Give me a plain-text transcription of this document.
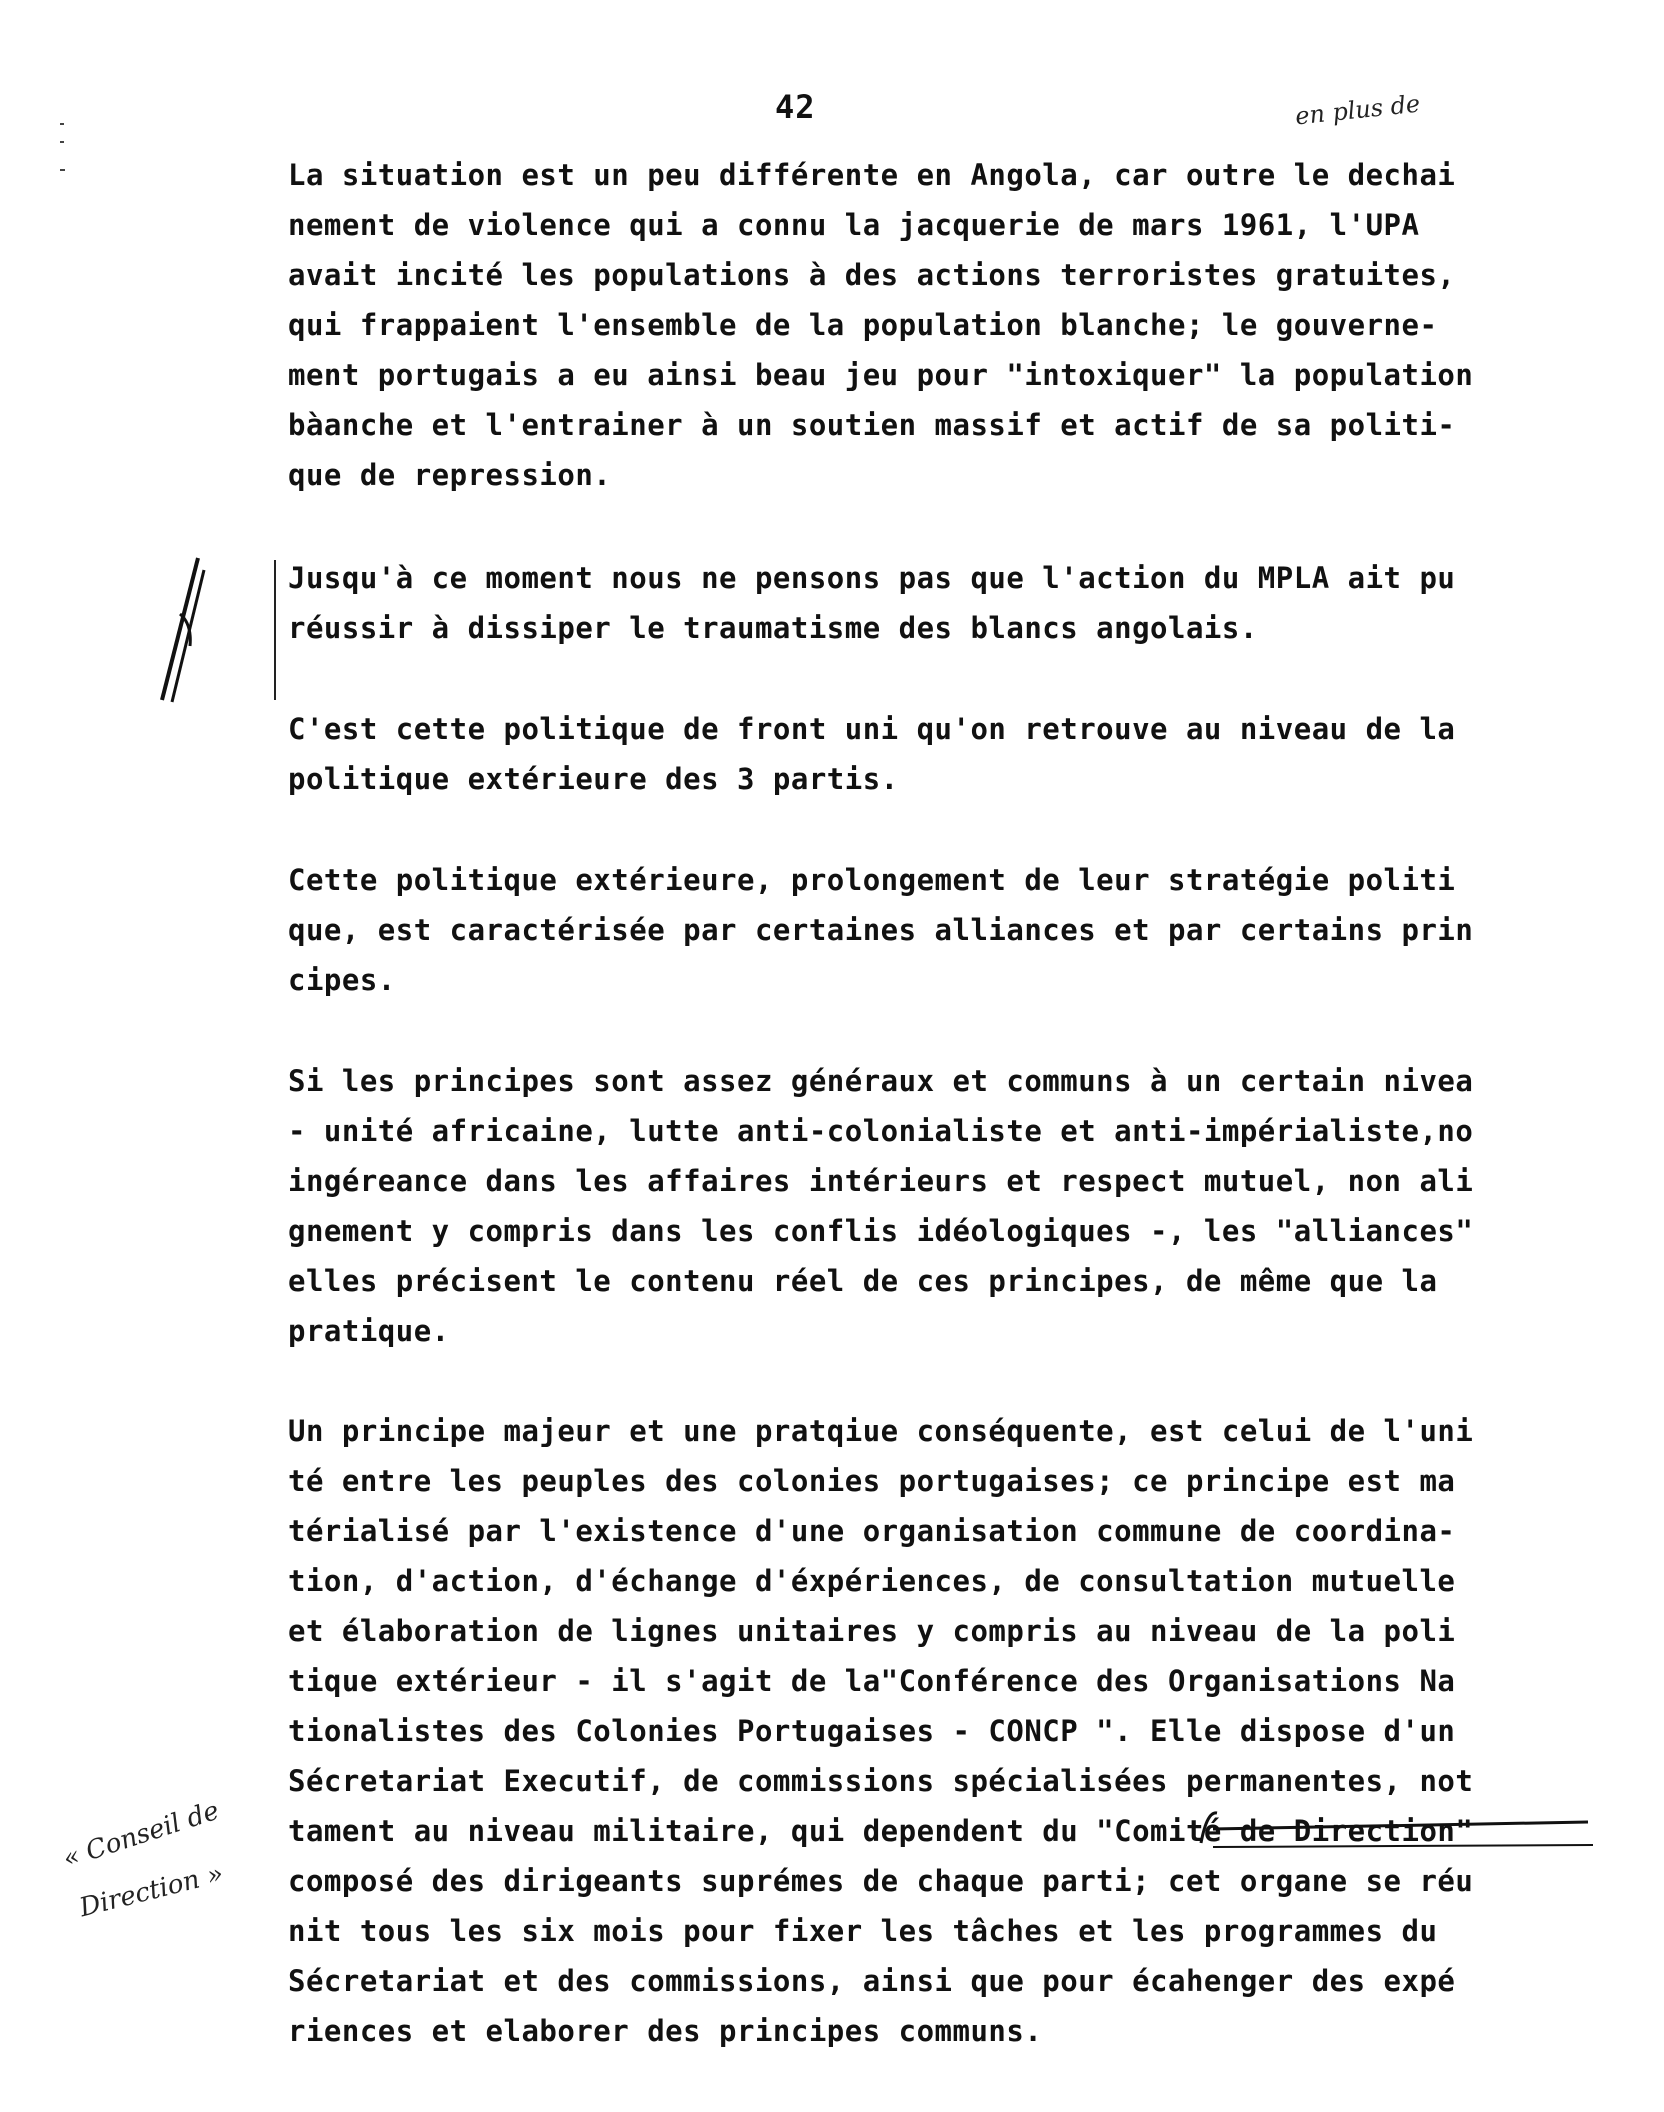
42	en plus de
« Conseil de
Direction »
La situation est un peu différente en Angola, car outre le dechai
nement de violence qui a connu la jacquerie de mars 1961, l'UPA
avait incité les populations à des actions terroristes gratuites,
qui frappaient l'ensemble de la population blanche; le gouverne-
ment portugais a eu ainsi beau jeu pour "intoxiquer" la population
bàanche et l'entrainer à un soutien massif et actif de sa politi-
que de repression.
Jusqu'à ce moment nous ne pensons pas que l'action du MPLA ait pu
réussir à dissiper le traumatisme des blancs angolais.
C'est cette politique de front uni qu'on retrouve au niveau de la
politique extérieure des 3 partis.
Cette politique extérieure, prolongement de leur stratégie politi
que, est caractérisée par certaines alliances et par certains prin
cipes.
Si les principes sont assez généraux et communs à un certain nivea
- unité africaine, lutte anti-colonialiste et anti-impérialiste,no
ingéreance dans les affaires intérieurs et respect mutuel, non ali
gnement y compris dans les conflis idéologiques -, les "alliances"
elles précisent le contenu réel de ces principes, de même que la
pratique.
Un principe majeur et une pratqiue conséquente, est celui de l'uni
té entre les peuples des colonies portugaises; ce principe est ma
térialisé par l'existence d'une organisation commune de coordina-
tion, d'action, d'échange d'éxpériences, de consultation mutuelle
et élaboration de lignes unitaires y compris au niveau de la poli
tique extérieur - il s'agit de la"Conférence des Organisations Na
tionalistes des Colonies Portugaises - CONCP ". Elle dispose d'un
Sécretariat Executif, de commissions spécialisées permanentes, not
tament au niveau militaire, qui dependent du "Comité de Direction"
composé des dirigeants suprémes de chaque parti; cet organe se réu
nit tous les six mois pour fixer les tâches et les programmes du
Sécretariat et des commissions, ainsi que pour écahenger des expé
riences et elaborer des principes communs.
